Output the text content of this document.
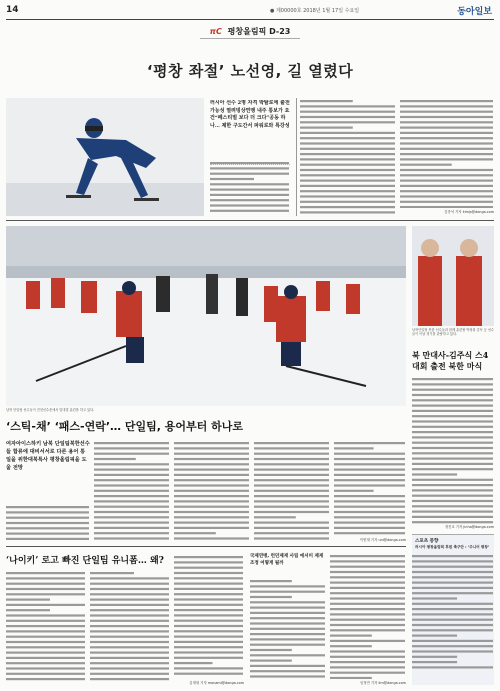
14	● 제00000호 2018년 1월 17일 수요일	동아일보
πC 평창올림픽 D-23
‘평창 좌절’ 노선영, 길 열렸다
러시아 선수 2명 자격 박탈로에 출전 가능성 열려빙상연맹 내주 통보가 요건“페스티벌 보다 더 크다”공동 하나… 제한 구도간서 파워로와 특강성
김종석 기자 kimjs@donga.com
남북 단일팀 선수들이 진천선수촌에서 맞대결 훈련을 하고 있다.
남북단일팀 북한 선수들과 함께 훈련할 박정화 감독 등 선수들이 이날 경기를 관람하고 있다.
북 만대사-김주식 스4대회 출전 북한 마식
정진호 기자 jinho@donga.com
‘스틱-채’ ‘패스-연락’… 단일팀, 용어부터 하나로
여자아이스하키 남북 단일팀북한선수들 합류에 대비서서로 다른 용어 통일을 위한대북특사 평창올림픽을 도울 전망
이헌재 기자 uni@donga.com
‘나이키’ 로고 빠진 단일팀 유니폼… 왜?
김재형 기자 monami@donga.com
국제연맹, 런던제재 사립 에서미 제재 조정 어떻게 될까
임정연 기자 lim@donga.com
스포츠 풍향
러시아 평창올림픽 후원 축구단 : ‘주니어 평창’
